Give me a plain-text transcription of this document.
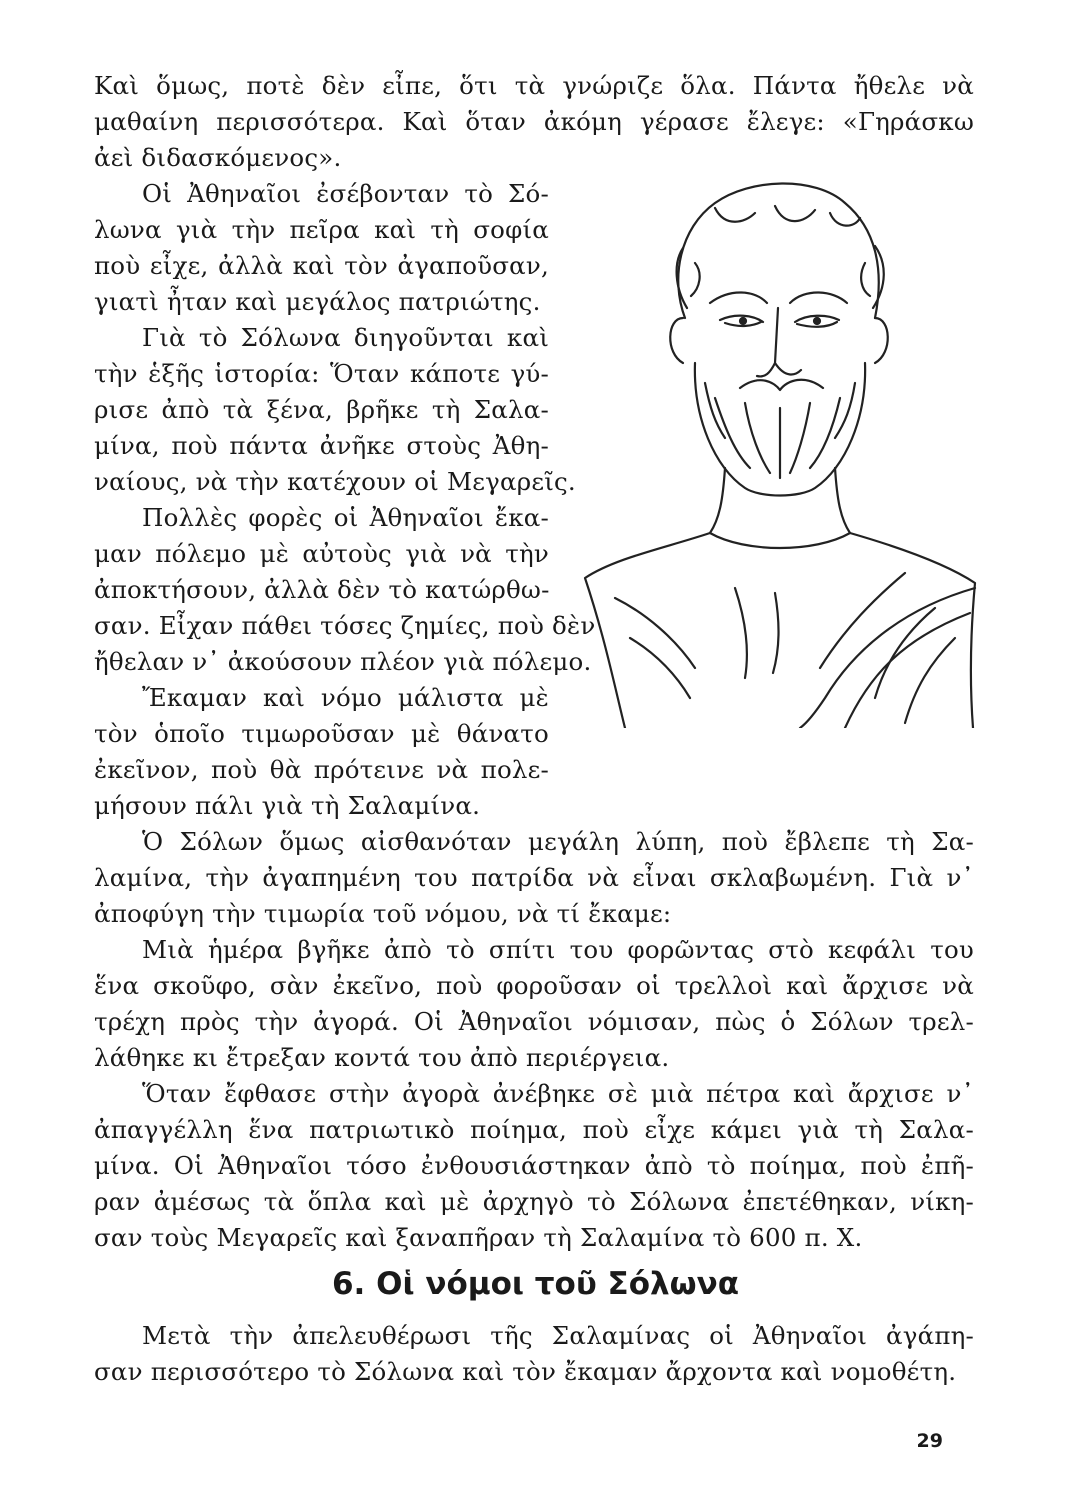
Καὶ ὅμως, ποτὲ δὲν εἶπε, ὅτι τὰ γνώριζε ὅλα. Πάντα ἤθελε νὰ
μαθαίνη περισσότερα. Καὶ ὅταν ἀκόμη γέρασε ἔλεγε: «Γηράσκω
ἀεὶ διδασκόμενος».
Οἱ Ἀθηναῖοι ἐσέβονταν τὸ Σό-
λωνα γιὰ τὴν πεῖρα καὶ τὴ σοφία
ποὺ εἶχε, ἀλλὰ καὶ τὸν ἀγαποῦσαν,
γιατὶ ἦταν καὶ μεγάλος πατριώτης.
Γιὰ τὸ Σόλωνα διηγοῦνται καὶ
τὴν ἑξῆς ἱστορία: Ὅταν κάποτε γύ-
ρισε ἀπὸ τὰ ξένα, βρῆκε τὴ Σαλα-
μίνα, ποὺ πάντα ἀνῆκε στοὺς Ἀθη-
ναίους, νὰ τὴν κατέχουν οἱ Μεγαρεῖς.
Πολλὲς φορὲς οἱ Ἀθηναῖοι ἔκα-
μαν πόλεμο μὲ αὐτοὺς γιὰ νὰ τὴν
ἀποκτήσουν, ἀλλὰ δὲν τὸ κατώρθω-
σαν. Εἶχαν πάθει τόσες ζημίες, ποὺ δὲν
ἤθελαν ν᾿ ἀκούσουν πλέον γιὰ πόλεμο.
Ἔκαμαν καὶ νόμο μάλιστα μὲ
τὸν ὁποῖο τιμωροῦσαν μὲ θάνατο
ἐκεῖνον, ποὺ θὰ πρότεινε νὰ πολε-
μήσουν πάλι γιὰ τὴ Σαλαμίνα.
Ὁ Σόλων ὅμως αἰσθανόταν μεγάλη λύπη, ποὺ ἔβλεπε τὴ Σα-
λαμίνα, τὴν ἀγαπημένη του πατρίδα νὰ εἶναι σκλαβωμένη. Γιὰ ν᾿
ἀποφύγη τὴν τιμωρία τοῦ νόμου, νὰ τί ἔκαμε:
Μιὰ ἡμέρα βγῆκε ἀπὸ τὸ σπίτι του φορῶντας στὸ κεφάλι του
ἕνα σκοῦφο, σὰν ἐκεῖνο, ποὺ φοροῦσαν οἱ τρελλοὶ καὶ ἄρχισε νὰ
τρέχη πρὸς τὴν ἀγορά. Οἱ Ἀθηναῖοι νόμισαν, πὼς ὁ Σόλων τρελ-
λάθηκε κι ἔτρεξαν κοντά του ἀπὸ περιέργεια.
Ὅταν ἔφθασε στὴν ἀγορὰ ἀνέβηκε σὲ μιὰ πέτρα καὶ ἄρχισε ν᾿
ἀπαγγέλλη ἕνα πατριωτικὸ ποίημα, ποὺ εἶχε κάμει γιὰ τὴ Σαλα-
μίνα. Οἱ Ἀθηναῖοι τόσο ἐνθουσιάστηκαν ἀπὸ τὸ ποίημα, ποὺ ἐπῆ-
ραν ἀμέσως τὰ ὅπλα καὶ μὲ ἀρχηγὸ τὸ Σόλωνα ἐπετέθηκαν, νίκη-
σαν τοὺς Μεγαρεῖς καὶ ξαναπῆραν τὴ Σαλαμίνα τὸ 600 π. Χ.
6. Οἱ νόμοι τοῦ Σόλωνα
Μετὰ τὴν ἀπελευθέρωσι τῆς Σαλαμίνας οἱ Ἀθηναῖοι ἀγάπη-
σαν περισσότερο τὸ Σόλωνα καὶ τὸν ἔκαμαν ἄρχοντα καὶ νομοθέτη.
29
